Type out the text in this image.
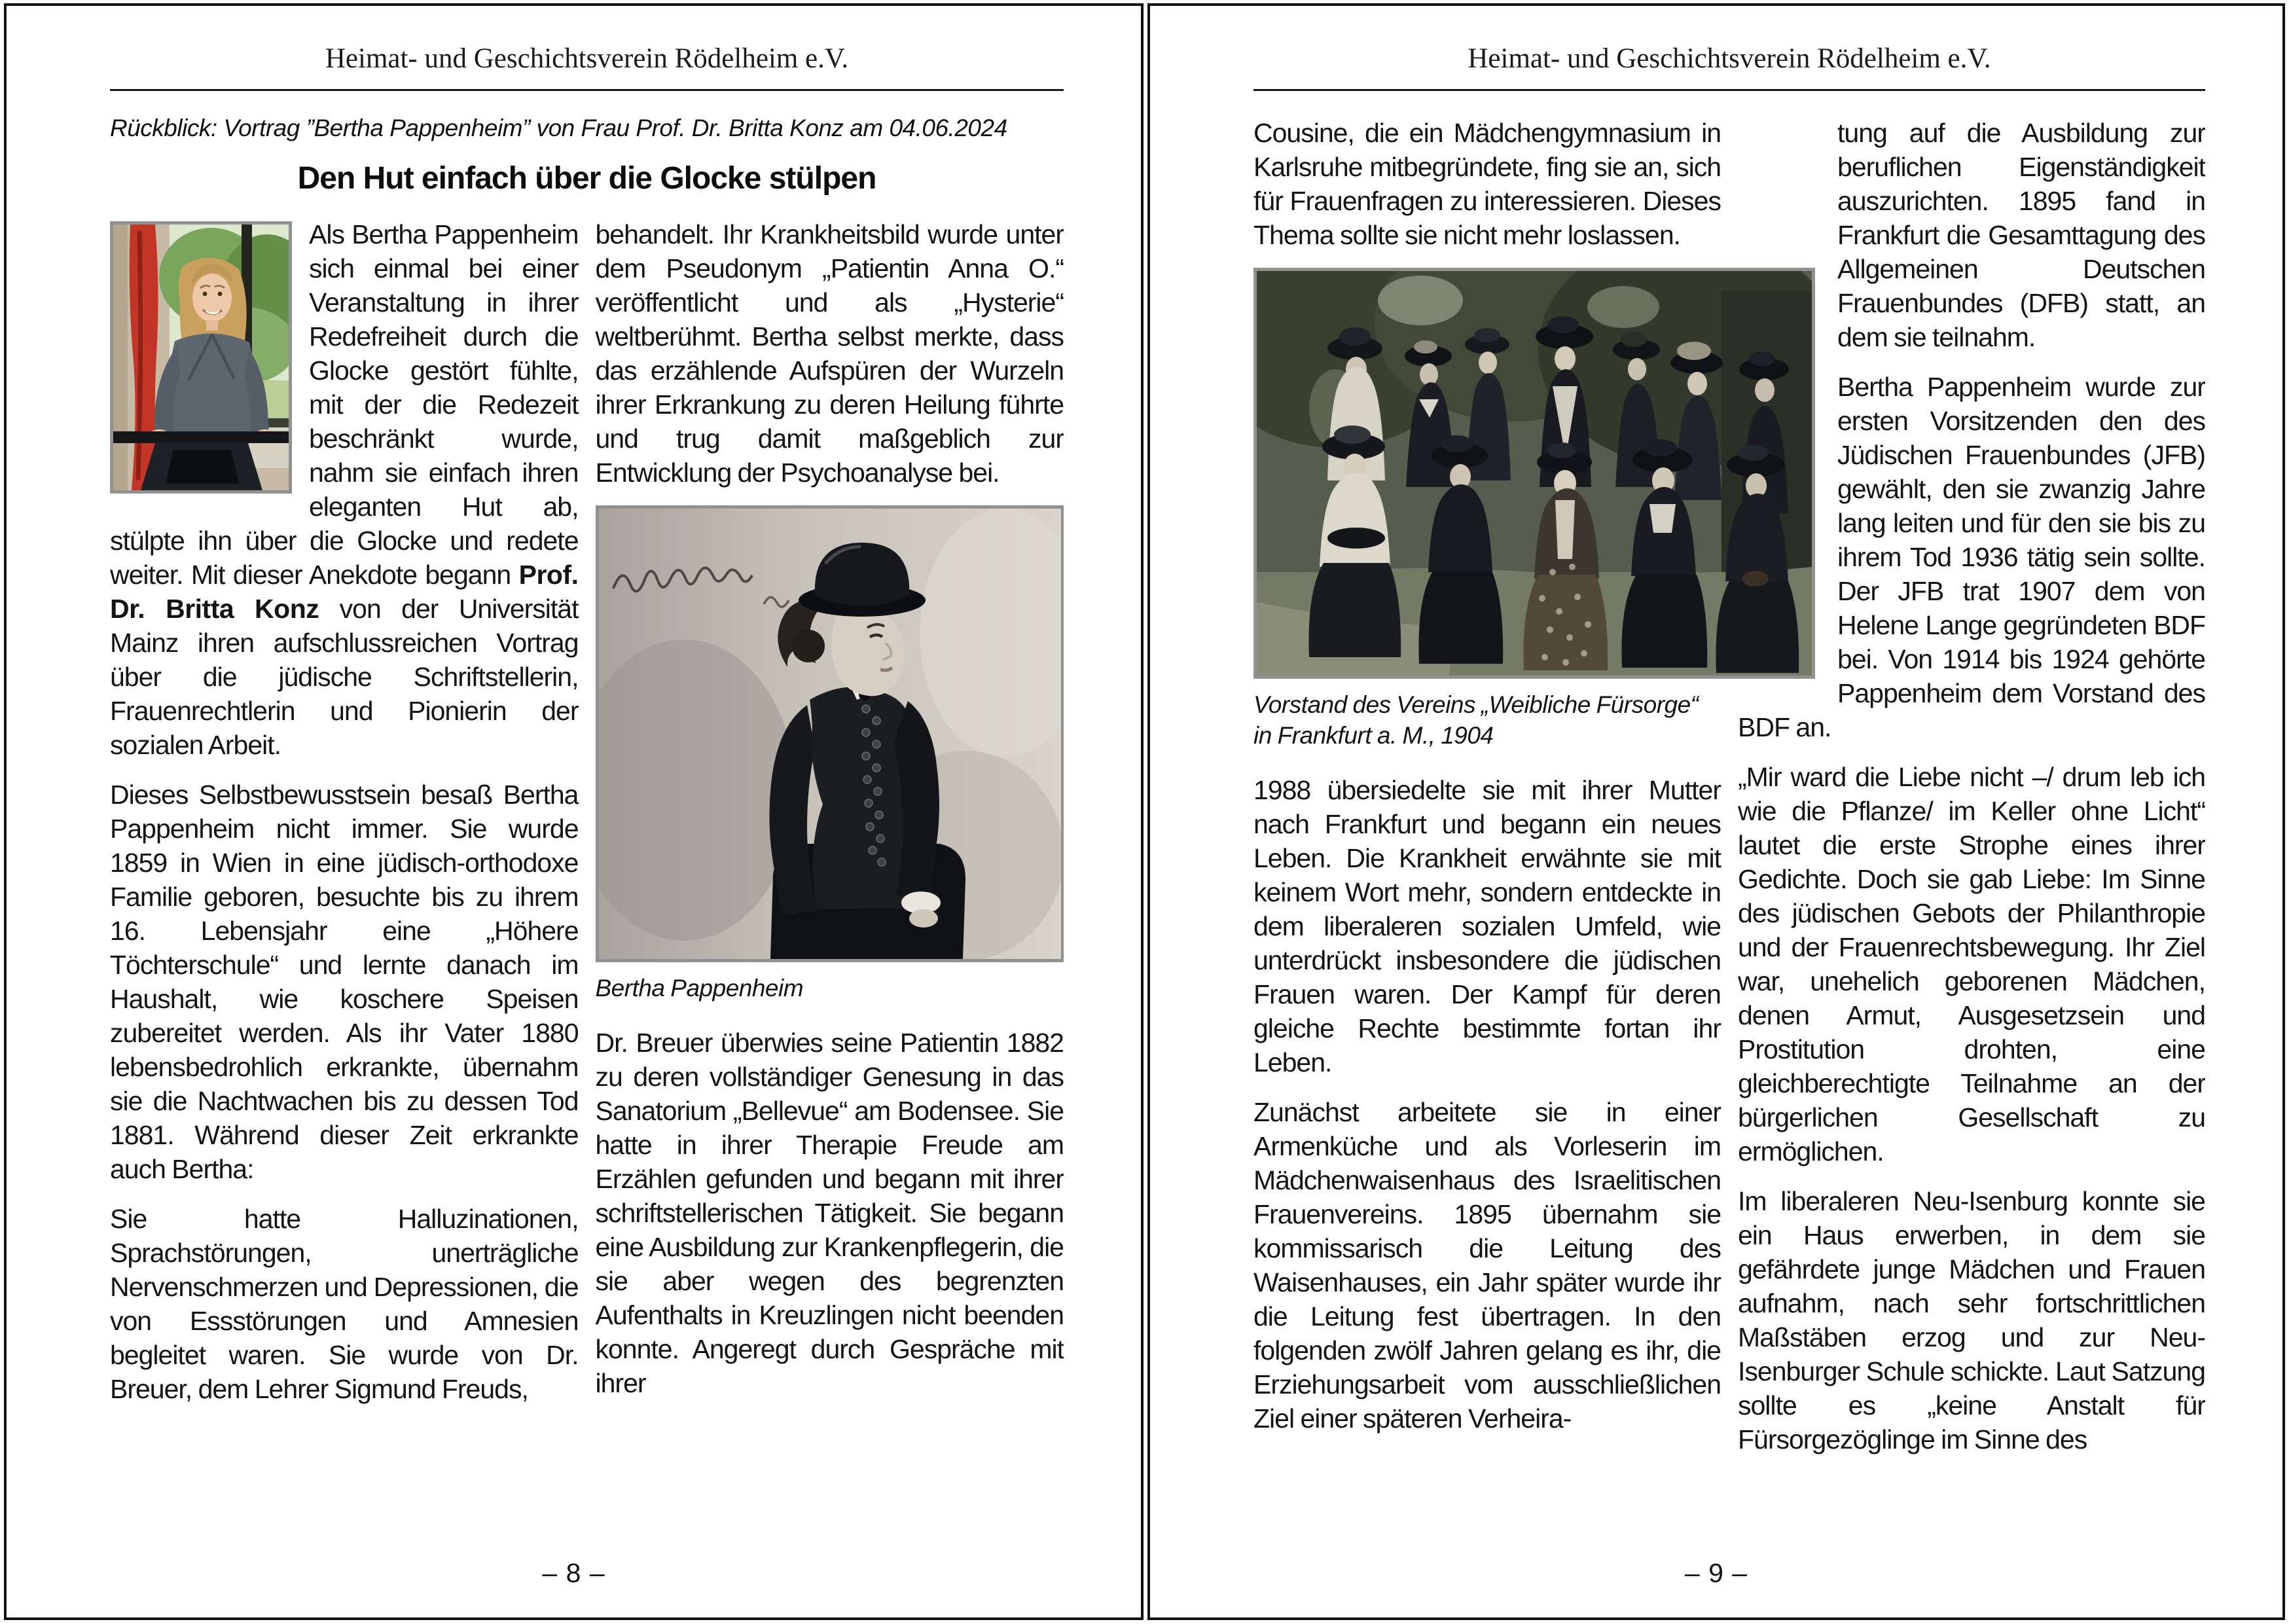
Heimat- und Geschichtsverein Rödelheim e.V.
Rückblick: Vortrag ”Bertha Pappenheim” von Frau Prof. Dr. Britta Konz am 04.06.2024
Den Hut einfach über die Glocke stülpen

Als Bertha Pappenheim sich einmal bei einer Veranstaltung in ihrer Redefreiheit durch die Glocke gestört fühlte, mit der die Redezeit beschränkt wurde, nahm sie einfach ihren eleganten Hut ab, stülpte ihn über die Glocke und redete weiter. Mit dieser Anekdote begann Prof. Dr. Britta Konz von der Universität Mainz ihren aufschlussreichen Vortrag über die jüdische Schriftstellerin, Frauenrechtlerin und Pionierin der sozialen Arbeit.

Dieses Selbstbewusstsein besaß Bertha Pappenheim nicht immer. Sie wurde 1859 in Wien in eine jüdisch-orthodoxe Familie geboren, besuchte bis zu ihrem 16. Lebensjahr eine „Höhere Töchterschule“ und lernte danach im Haushalt, wie koschere Speisen zubereitet werden. Als ihr Vater 1880 lebensbedrohlich erkrankte, übernahm sie die Nachtwachen bis zu dessen Tod 1881. Während dieser Zeit erkrankte auch Bertha:

Sie hatte Halluzinationen, Sprachstörungen, unerträgliche Nervenschmerzen und Depressionen, die von Essstörungen und Amnesien begleitet waren. Sie wurde von Dr. Breuer, dem Lehrer Sigmund Freuds,

behandelt. Ihr Krankheitsbild wurde unter dem Pseudonym „Patientin Anna O.“ veröffentlicht und als „Hysterie“ weltberühmt. Bertha selbst merkte, dass das erzählende Aufspüren der Wurzeln ihrer Erkrankung zu deren Heilung führte und trug damit maßgeblich zur Entwicklung der Psychoanalyse bei.

Bertha Pappenheim

Dr. Breuer überwies seine Patientin 1882 zu deren vollständiger Genesung in das Sanatorium „Bellevue“ am Bodensee. Sie hatte in ihrer Therapie Freude am Erzählen gefunden und begann mit ihrer schriftstellerischen Tätigkeit. Sie begann eine Ausbildung zur Krankenpflegerin, die sie aber wegen des begrenzten Aufenthalts in Kreuzlingen nicht beenden konnte. Angeregt durch Gespräche mit ihrer

– 8 –
Heimat- und Geschichtsverein Rödelheim e.V.

Cousine, die ein Mädchengymnasium in Karlsruhe mitbegründete, fing sie an, sich für Frauenfragen zu interessieren. Dieses Thema sollte sie nicht mehr loslassen.

Vorstand des Vereins „Weibliche Fürsorge“
in Frankfurt a. M., 1904

1988 übersiedelte sie mit ihrer Mutter nach Frankfurt und begann ein neues Leben. Die Krankheit erwähnte sie mit keinem Wort mehr, sondern entdeckte in dem liberaleren sozialen Umfeld, wie unterdrückt insbesondere die jüdischen Frauen waren. Der Kampf für deren gleiche Rechte bestimmte fortan ihr Leben.

Zunächst arbeitete sie in einer Armenküche und als Vorleserin im Mädchenwaisenhaus des Israelitischen Frauenvereins. 1895 übernahm sie kommissarisch die Leitung des Waisenhauses, ein Jahr später wurde ihr die Leitung fest übertragen. In den folgenden zwölf Jahren gelang es ihr, die Erziehungsarbeit vom ausschließlichen Ziel einer späteren Verheira-

tung auf die Ausbildung zur beruflichen Eigenständigkeit auszurichten. 1895 fand in Frankfurt die Gesamttagung des Allgemeinen Deutschen Frauenbundes (DFB) statt, an dem sie teilnahm.

Bertha Pappenheim wurde zur ersten Vorsitzenden den des Jüdischen Frauenbundes (JFB) gewählt, den sie zwanzig Jahre lang leiten und für den sie bis zu ihrem Tod 1936 tätig sein sollte. Der JFB trat 1907 dem von Helene Lange gegründeten BDF bei. Von 1914 bis 1924 gehörte Pappenheim dem Vorstand des BDF an.

„Mir ward die Liebe nicht –/ drum leb ich wie die Pflanze/ im Keller ohne Licht“ lautet die erste Strophe eines ihrer Gedichte. Doch sie gab Liebe: Im Sinne des jüdischen Gebots der Philanthropie und der Frauenrechtsbewegung. Ihr Ziel war, unehelich geborenen Mädchen, denen Armut, Ausgesetzsein und Prostitution drohten, eine gleichberechtigte Teilnahme an der bürgerlichen Gesellschaft zu ermöglichen.

Im liberaleren Neu-Isenburg konnte sie ein Haus erwerben, in dem sie gefährdete junge Mädchen und Frauen aufnahm, nach sehr fortschrittlichen Maßstäben erzog und zur Neu-Isenburger Schule schickte. Laut Satzung sollte es „keine Anstalt für Fürsorgezöglinge im Sinne des

– 9 –
